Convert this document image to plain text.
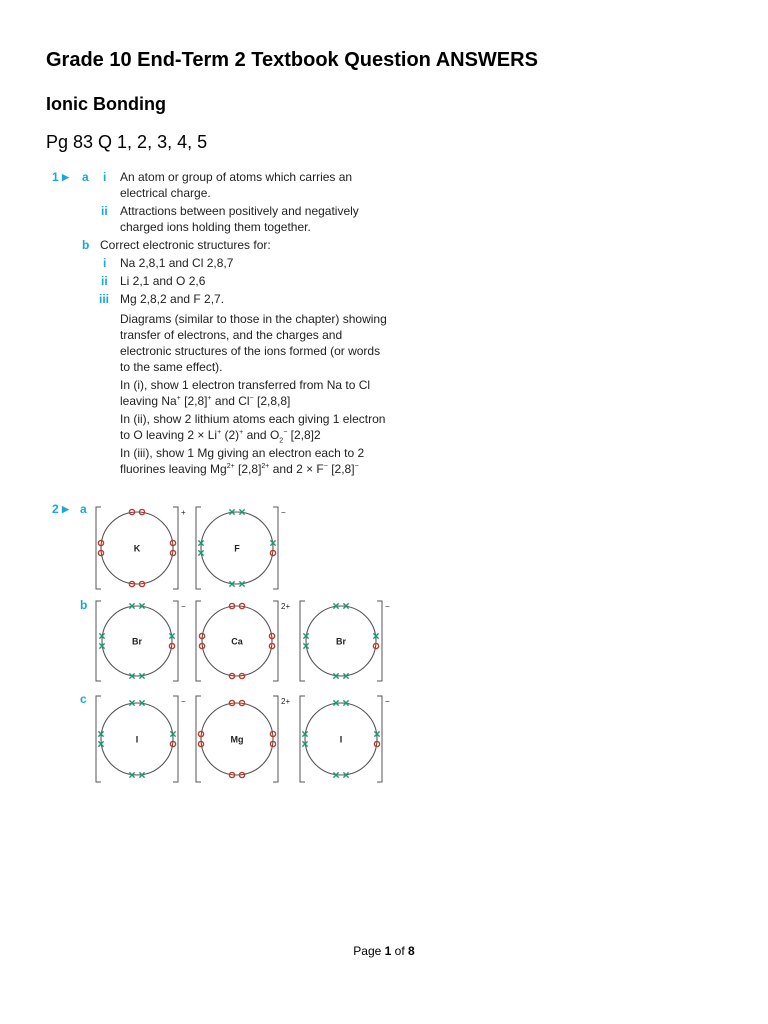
Grade 10 End-Term 2 Textbook Question ANSWERS
Ionic Bonding

Pg 83 Q 1, 2, 3, 4, 5

1 ▶ a i An atom or group of atoms which carries an
electrical charge.
ii Attractions between positively and negatively
charged ions holding them together.
b Correct electronic structures for:
i Na 2,8,1 and Cl 2,8,7
ii Li 2,1 and O 2,6
iii Mg 2,8,2 and F 2,7.
Diagrams (similar to those in the chapter) showing
transfer of electrons, and the charges and
electronic structures of the ions formed (or words
to the same effect).
In (i), show 1 electron transferred from Na to Cl
leaving Na+ [2,8]+ and Cl− [2,8,8]
In (ii), show 2 lithium atoms each giving 1 electron
to O leaving 2 × Li+ (2)+ and $O_2^-$ [2,8]2
In (iii), show 1 Mg giving an electron each to 2
fluorines leaving $Mg^{2+}$ $[2,8]^{2+}$ and 2 × F− [2,8]−
2 ▶ a
b
c
K
+
F
−
Br
−
Ca
2+
Br
−
I
−
Mg
2+
I
−
Page 1 of 8
